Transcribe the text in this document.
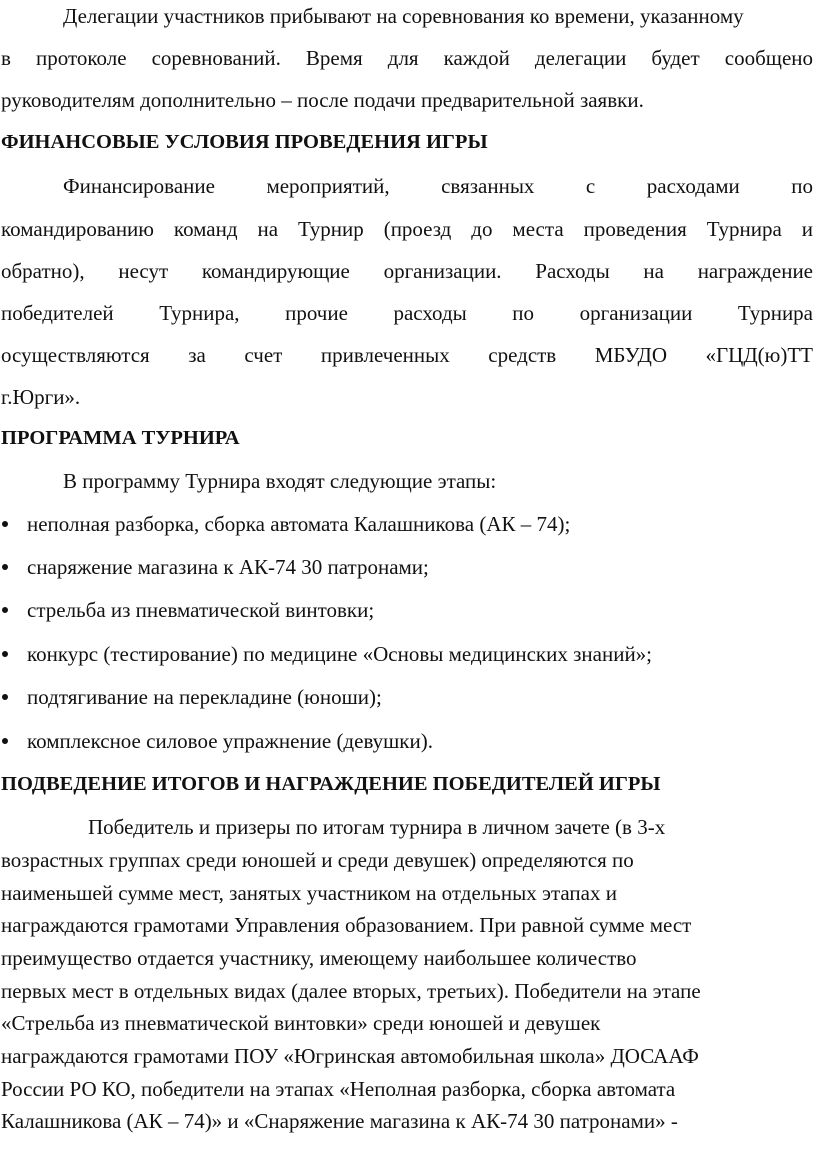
Делегации участников прибывают на соревнования ко времени, указанному
в протоколе соревнований. Время для каждой делегации будет сообщено
руководителям дополнительно – после подачи предварительной заявки.
ФИНАНСОВЫЕ УСЛОВИЯ ПРОВЕДЕНИЯ ИГРЫ
Финансирование мероприятий, связанных с расходами по
командированию команд на Турнир (проезд до места проведения Турнира и
обратно), несут командирующие организации. Расходы на награждение
победителей Турнира, прочие расходы по организации Турнира
осуществляются за счет привлеченных средств МБУДО «ГЦД(ю)ТТ
г.Юрги».
ПРОГРАММА ТУРНИРА
В программу Турнира входят следующие этапы:
неполная разборка, сборка автомата Калашникова (АК – 74);
снаряжение магазина к АК-74 30 патронами;
стрельба из пневматической винтовки;
конкурс (тестирование) по медицине «Основы медицинских знаний»;
подтягивание на перекладине (юноши);
комплексное силовое упражнение (девушки).
ПОДВЕДЕНИЕ ИТОГОВ И НАГРАЖДЕНИЕ ПОБЕДИТЕЛЕЙ ИГРЫ
Победитель и призеры по итогам турнира в личном зачете (в 3-х
возрастных группах среди юношей и среди девушек) определяются по
наименьшей сумме мест, занятых участником на отдельных этапах и
награждаются грамотами Управления образованием. При равной сумме мест
преимущество отдается участнику, имеющему наибольшее количество
первых мест в отдельных видах (далее вторых, третьих). Победители на этапе
«Стрельба из пневматической винтовки» среди юношей и девушек
награждаются грамотами ПОУ «Югринская автомобильная школа» ДОСААФ
России РО КО, победители на этапах «Неполная разборка, сборка автомата
Калашникова (АК – 74)» и «Снаряжение магазина к АК-74 30 патронами» -
